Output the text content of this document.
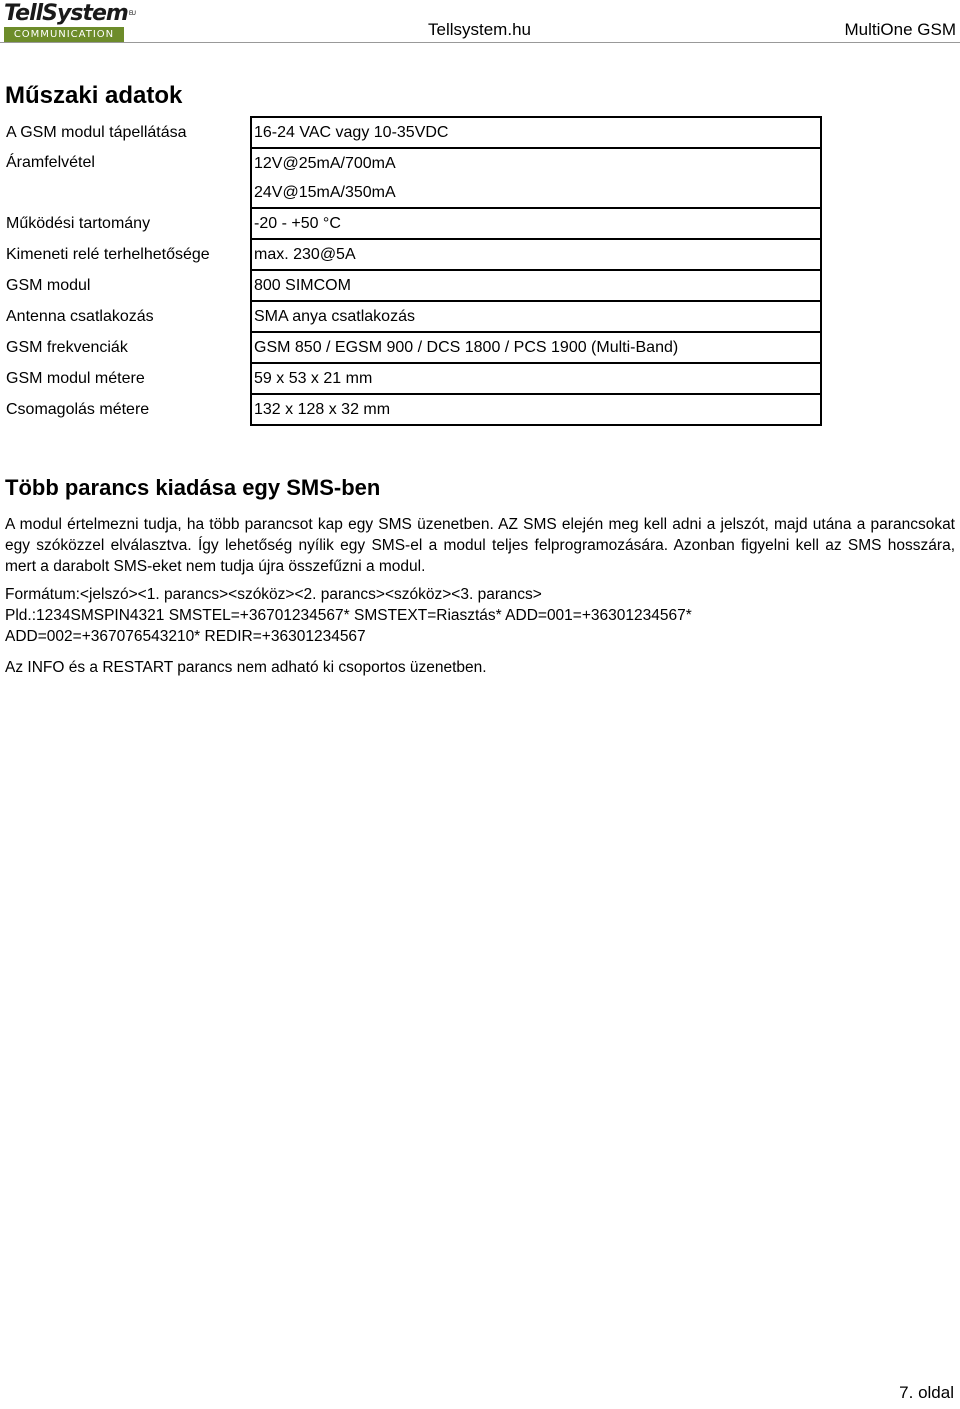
TellSystem$^{EU}$
COMMUNICATION	Tellsystem.hu	MultiOne GSM
Műszaki adatok
A GSM modul tápellátása	16-24 VAC vagy 10-35VDC
Áramfelvétel	12V@25mA/700mA
	24V@15mA/350mA
Működési tartomány	-20 - +50 °C
Kimeneti relé terhelhetősége	max. 230@5A
GSM modul	800 SIMCOM
Antenna csatlakozás	SMA anya csatlakozás
GSM frekvenciák	GSM 850 / EGSM 900 / DCS 1800 / PCS 1900 (Multi-Band)
GSM modul métere	59 x 53 x 21 mm
Csomagolás métere	132 x 128 x 32 mm
Több parancs kiadása egy SMS-ben

A modul értelmezni tudja, ha több parancsot kap egy SMS üzenetben. AZ SMS elején meg kell adni a jelszót, majd utána a parancsokat egy szóközzel elválasztva. Így lehetőség nyílik egy SMS-el a modul teljes felprogramozására. Azonban figyelni kell az SMS hosszára, mert a darabolt SMS-eket nem tudja újra összefűzni a modul.

Formátum:<jelszó><1. parancs><szóköz><2. parancs><szóköz><3. parancs>

Pld.:1234SMSPIN4321 SMSTEL=+36701234567* SMSTEXT=Riasztás* ADD=001=+36301234567*

ADD=002=+367076543210* REDIR=+36301234567

Az INFO és a RESTART parancs nem adható ki csoportos üzenetben.

7. oldal
